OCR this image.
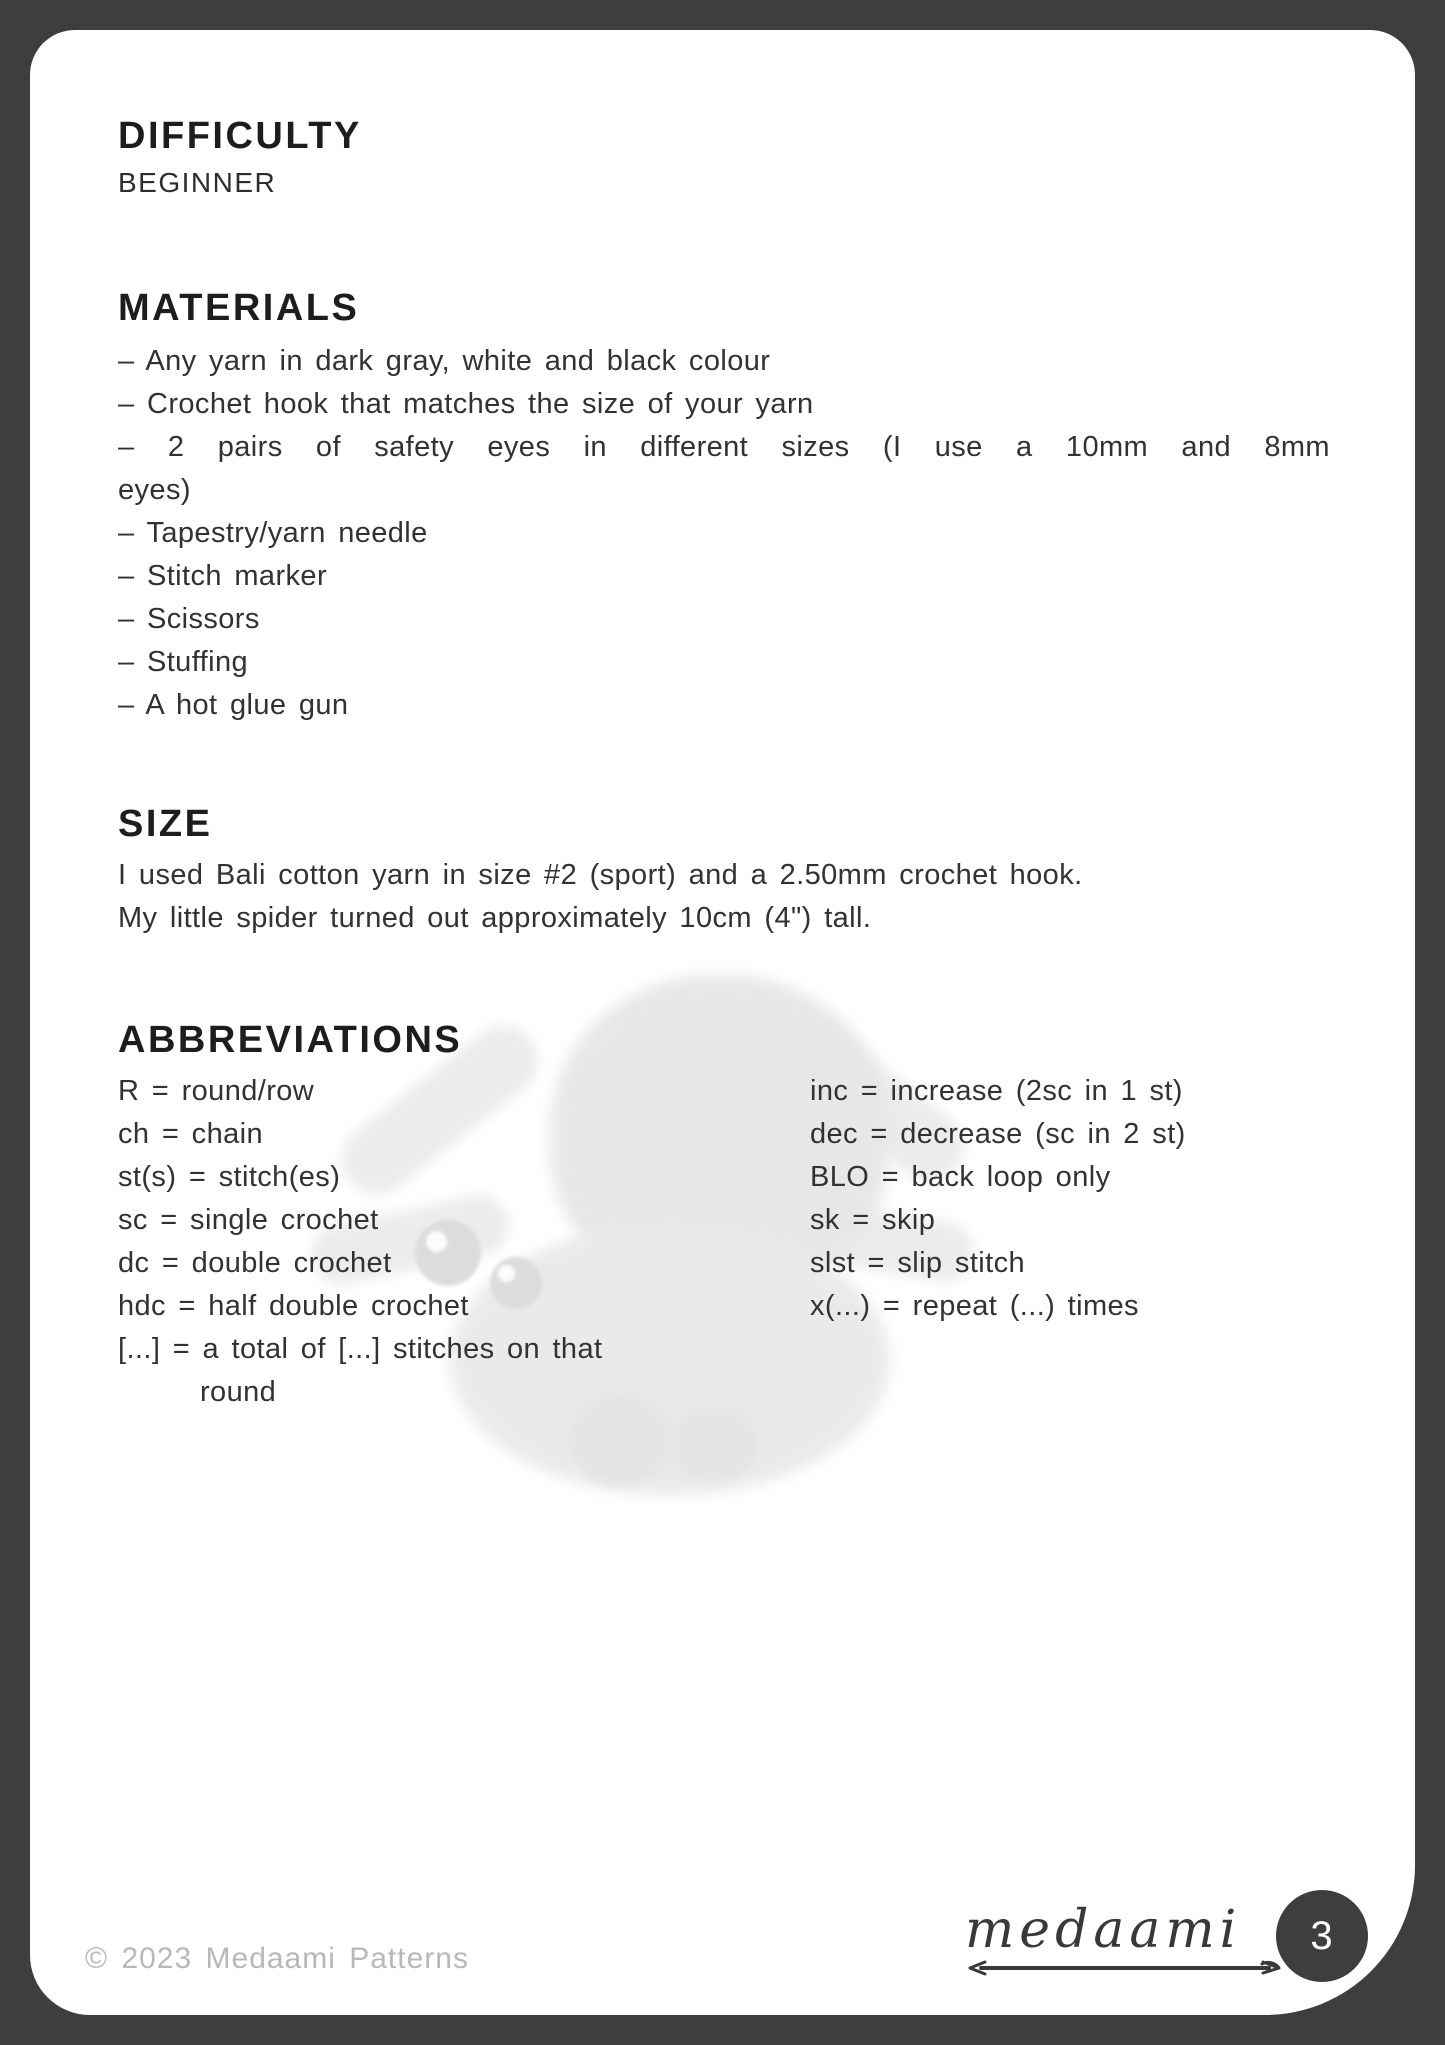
DIFFICULTY
BEGINNER
MATERIALS
– Any yarn in dark gray, white and black colour
– Crochet hook that matches the size of your yarn
– 2 pairs of safety eyes in different sizes (I use a 10mm and 8mm
eyes)
– Tapestry/yarn needle
– Stitch marker
– Scissors
– Stuffing
– A hot glue gun
SIZE
I used Bali cotton yarn in size #2 (sport) and a 2.50mm crochet hook.
My little spider turned out approximately 10cm (4") tall.
ABBREVIATIONS
R = round/row
ch = chain
st(s) = stitch(es)
sc = single crochet
dc = double crochet
hdc = half double crochet
[...] = a total of [...] stitches on that
round
inc = increase (2sc in 1 st)
dec = decrease (sc in 2 st)
BLO = back loop only
sk = skip
slst = slip stitch
x(...) = repeat (...) times
© 2023 Medaami Patterns	medaami	3
